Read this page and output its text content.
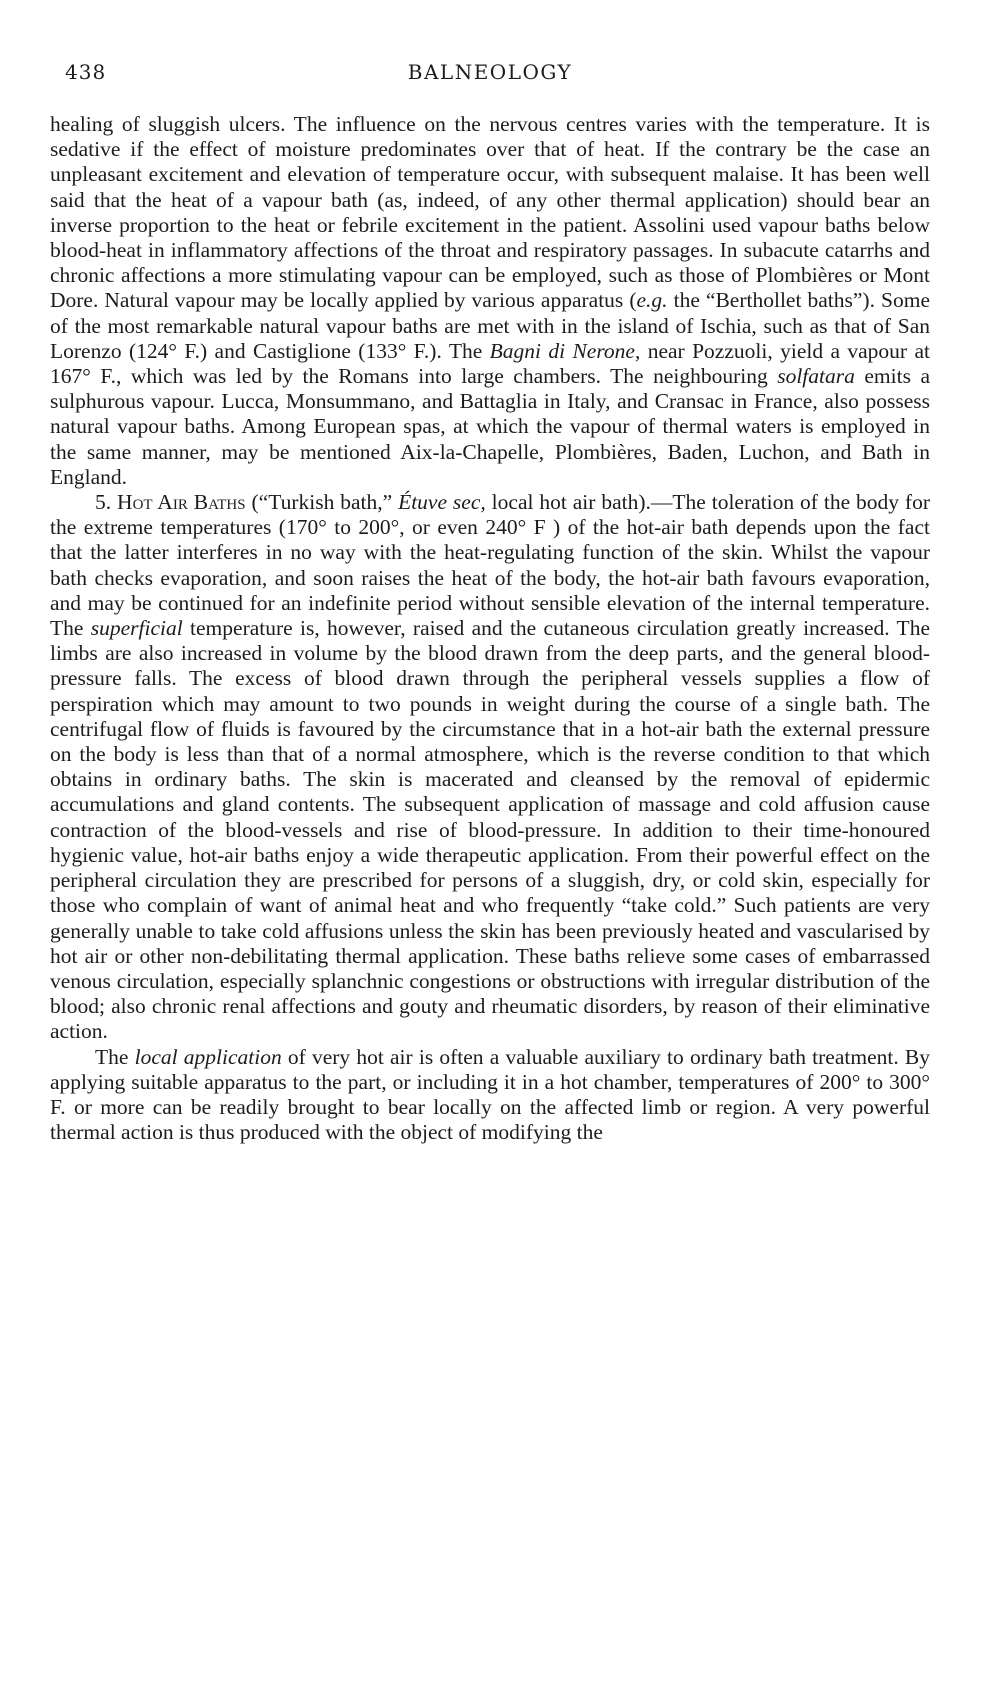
438	BALNEOLOGY

healing of sluggish ulcers. The influence on the nervous centres varies with the temperature. It is sedative if the effect of moisture predominates over that of heat. If the contrary be the case an unpleasant excitement and elevation of temperature occur, with subsequent malaise. It has been well said that the heat of a vapour bath (as, indeed, of any other thermal application) should bear an inverse proportion to the heat or febrile excitement in the patient. Assolini used vapour baths below blood-heat in inflammatory affections of the throat and respiratory passages. In subacute catarrhs and chronic affections a more stimulating vapour can be employed, such as those of Plombières or Mont Dore. Natural vapour may be locally applied by various apparatus (e.g. the “Berthollet baths”). Some of the most remarkable natural vapour baths are met with in the island of Ischia, such as that of San Lorenzo (124° F.) and Castiglione (133° F.). The Bagni di Nerone, near Pozzuoli, yield a vapour at 167° F., which was led by the Romans into large chambers. The neighbouring solfatara emits a sulphurous vapour. Lucca, Monsummano, and Battaglia in Italy, and Cransac in France, also possess natural vapour baths. Among European spas, at which the vapour of thermal waters is employed in the same manner, may be mentioned Aix-la-Chapelle, Plombières, Baden, Luchon, and Bath in England.

5. Hot Air Baths (“Turkish bath,” Étuve sec, local hot air bath).—The toleration of the body for the extreme temperatures (170° to 200°, or even 240° F ) of the hot-air bath depends upon the fact that the latter interferes in no way with the heat-regulating function of the skin. Whilst the vapour bath checks evaporation, and soon raises the heat of the body, the hot-air bath favours evaporation, and may be continued for an indefinite period without sensible elevation of the internal temperature. The superficial temperature is, however, raised and the cutaneous circulation greatly increased. The limbs are also increased in volume by the blood drawn from the deep parts, and the general blood-pressure falls. The excess of blood drawn through the peripheral vessels supplies a flow of perspiration which may amount to two pounds in weight during the course of a single bath. The centrifugal flow of fluids is favoured by the circumstance that in a hot-air bath the external pressure on the body is less than that of a normal atmosphere, which is the reverse condition to that which obtains in ordinary baths. The skin is macerated and cleansed by the removal of epidermic accumulations and gland contents. The subsequent application of massage and cold affusion cause contraction of the blood-vessels and rise of blood-pressure. In addition to their time-honoured hygienic value, hot-air baths enjoy a wide therapeutic application. From their powerful effect on the peripheral circulation they are prescribed for persons of a sluggish, dry, or cold skin, especially for those who complain of want of animal heat and who frequently “take cold.” Such patients are very generally unable to take cold affusions unless the skin has been previously heated and vascularised by hot air or other non-debilitating thermal application. These baths relieve some cases of embarrassed venous circulation, especially splanchnic congestions or obstructions with irregular distribution of the blood; also chronic renal affections and gouty and rheumatic disorders, by reason of their eliminative action.

The local application of very hot air is often a valuable auxiliary to ordinary bath treatment. By applying suitable apparatus to the part, or including it in a hot chamber, temperatures of 200° to 300° F. or more can be readily brought to bear locally on the affected limb or region. A very powerful thermal action is thus produced with the object of modifying the
